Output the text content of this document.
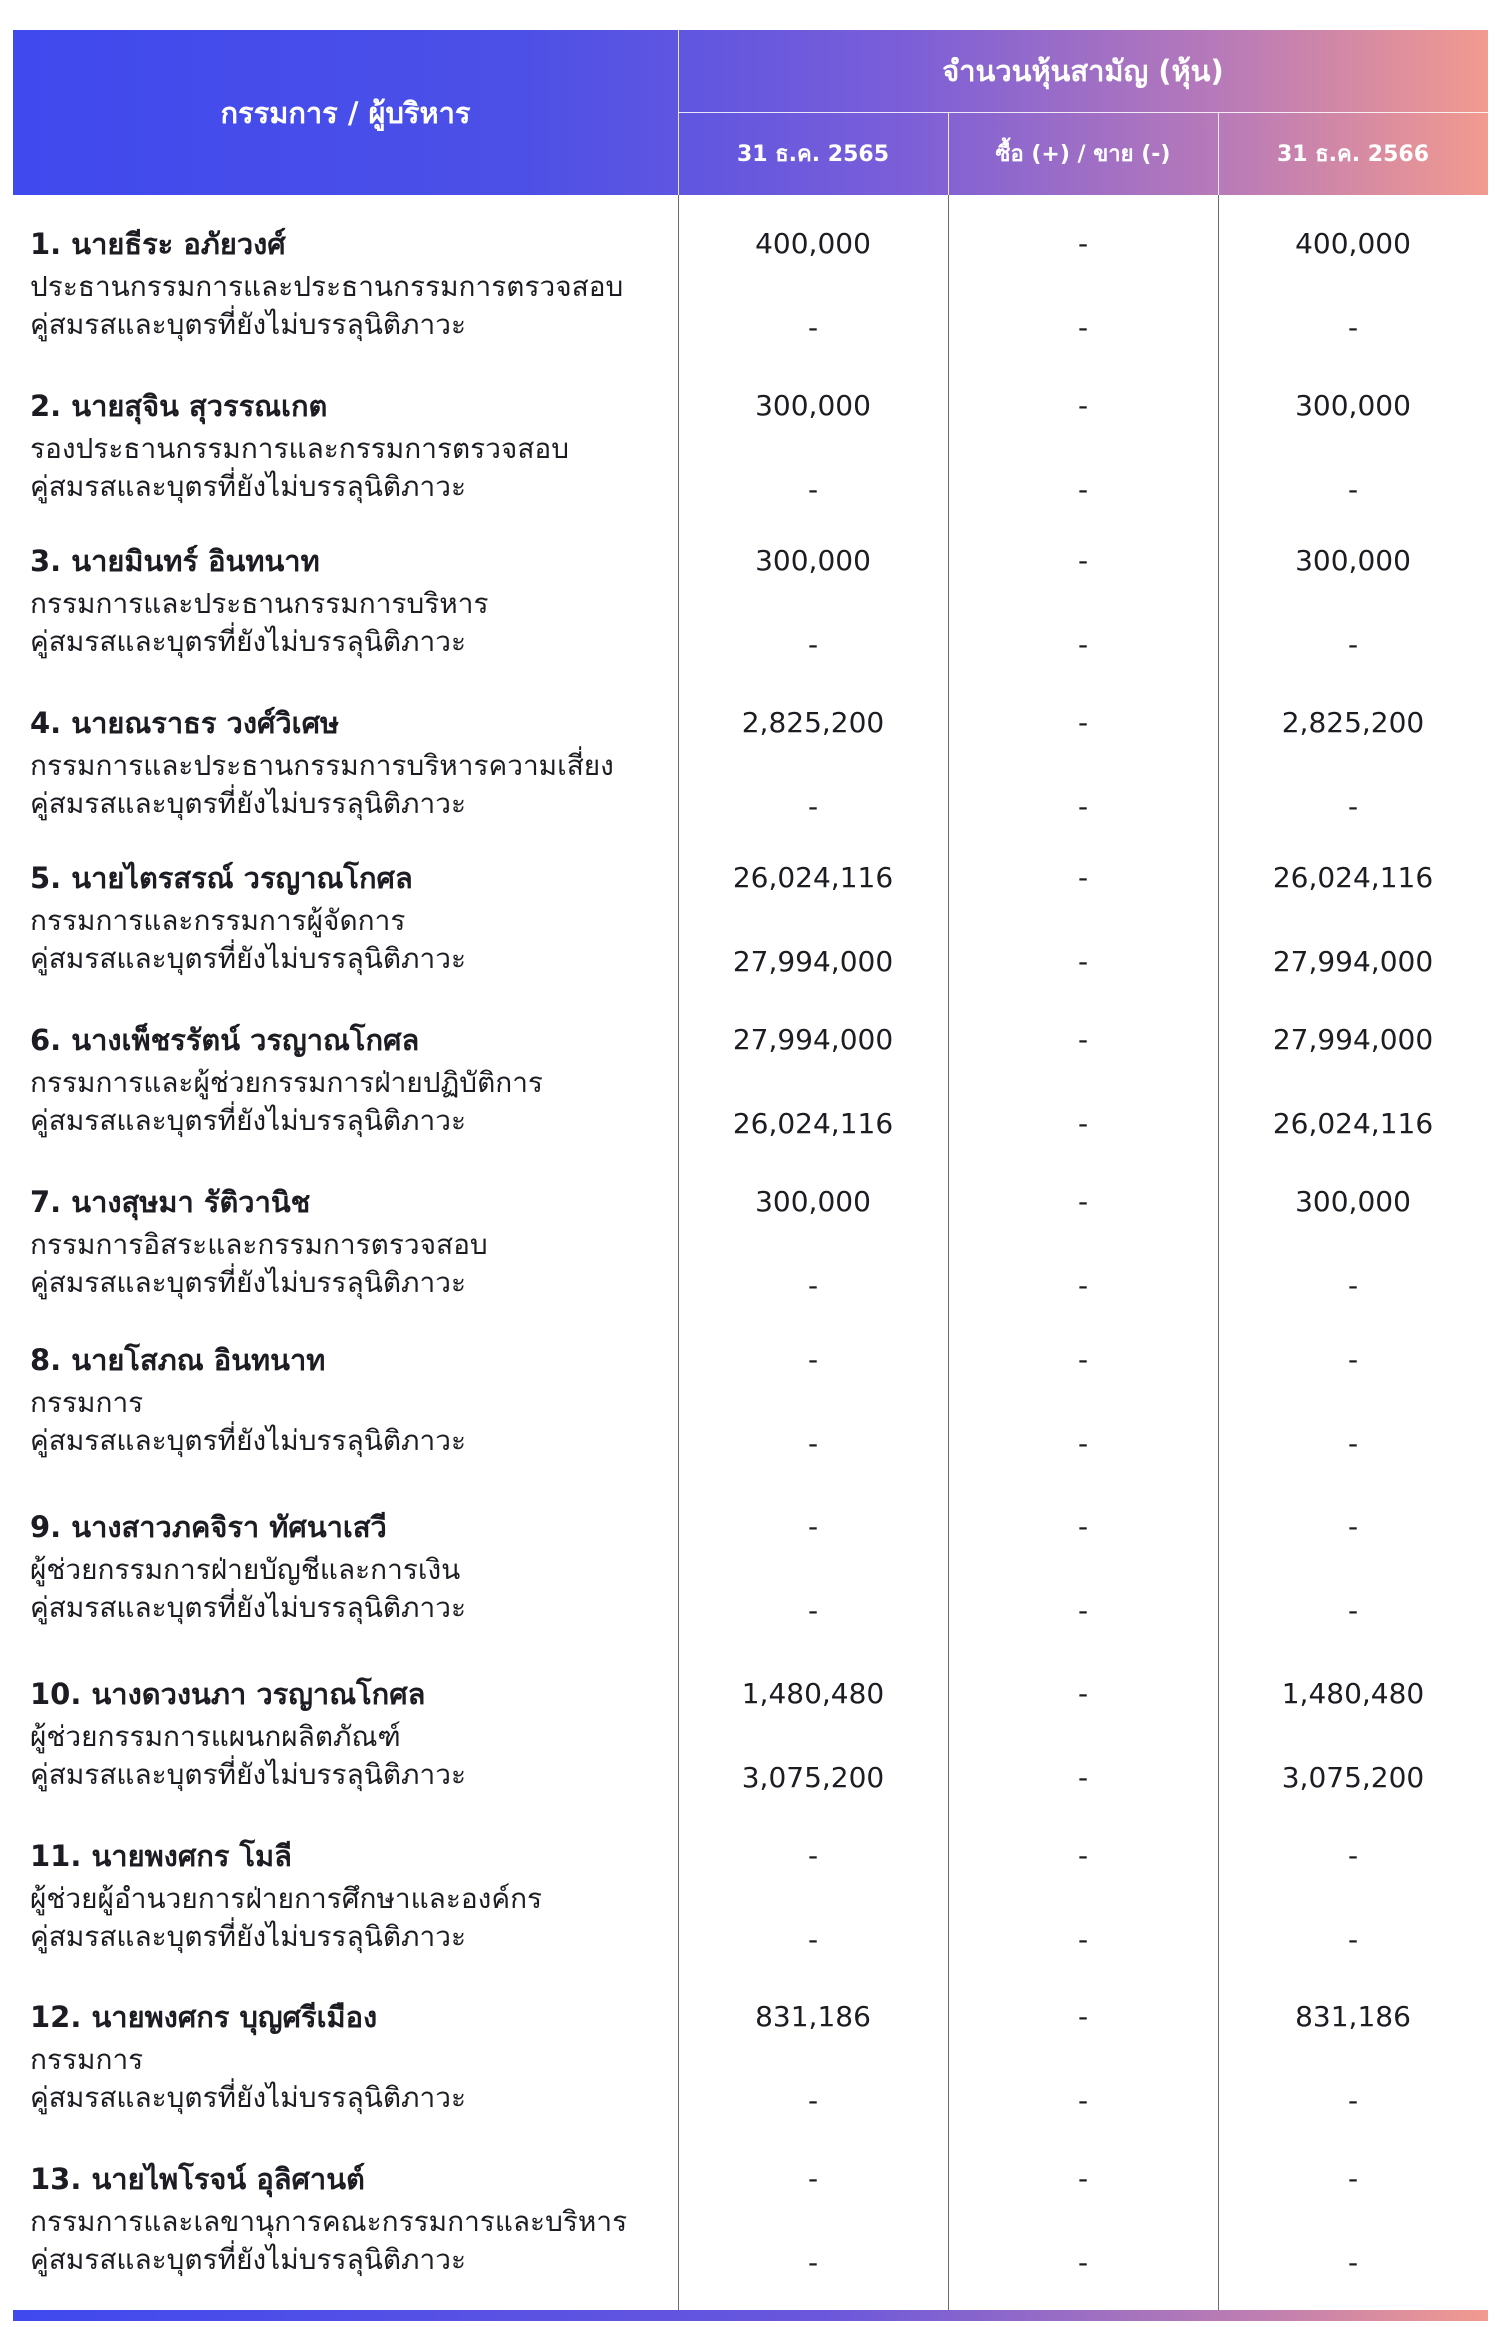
กรรมการ / ผู้บริหาร
จำนวนหุ้นสามัญ (หุ้น)
31 ธ.ค. 2565	ซื้อ (+) / ขาย (-)	31 ธ.ค. 2566
1. นายธีระ อภัยวงศ์
ประธานกรรมการและประธานกรรมการตรวจสอบ
คู่สมรสและบุตรที่ยังไม่บรรลุนิติภาวะ
400,000
-
-
-
400,000
-
2. นายสุจิน สุวรรณเกต
รองประธานกรรมการและกรรมการตรวจสอบ
คู่สมรสและบุตรที่ยังไม่บรรลุนิติภาวะ
300,000
-
-
-
300,000
-
3. นายมินทร์ อินทนาท
กรรมการและประธานกรรมการบริหาร
คู่สมรสและบุตรที่ยังไม่บรรลุนิติภาวะ
300,000
-
-
-
300,000
-
4. นายณราธร วงศ์วิเศษ
กรรมการและประธานกรรมการบริหารความเสี่ยง
คู่สมรสและบุตรที่ยังไม่บรรลุนิติภาวะ
2,825,200
-
-
-
2,825,200
-
5. นายไตรสรณ์ วรญาณโกศล
กรรมการและกรรมการผู้จัดการ
คู่สมรสและบุตรที่ยังไม่บรรลุนิติภาวะ
26,024,116
27,994,000
-
-
26,024,116
27,994,000
6. นางเพ็ชรรัตน์ วรญาณโกศล
กรรมการและผู้ช่วยกรรมการฝ่ายปฏิบัติการ
คู่สมรสและบุตรที่ยังไม่บรรลุนิติภาวะ
27,994,000
26,024,116
-
-
27,994,000
26,024,116
7. นางสุษมา รัติวานิช
กรรมการอิสระและกรรมการตรวจสอบ
คู่สมรสและบุตรที่ยังไม่บรรลุนิติภาวะ
300,000
-
-
-
300,000
-
8. นายโสภณ อินทนาท
กรรมการ
คู่สมรสและบุตรที่ยังไม่บรรลุนิติภาวะ
-
-
-
-
-
-
9. นางสาวภคจิรา ทัศนาเสวี
ผู้ช่วยกรรมการฝ่ายบัญชีและการเงิน
คู่สมรสและบุตรที่ยังไม่บรรลุนิติภาวะ
-
-
-
-
-
-
10. นางดวงนภา วรญาณโกศล
ผู้ช่วยกรรมการแผนกผลิตภัณฑ์
คู่สมรสและบุตรที่ยังไม่บรรลุนิติภาวะ
1,480,480
3,075,200
-
-
1,480,480
3,075,200
11. นายพงศกร โมลี
ผู้ช่วยผู้อำนวยการฝ่ายการศึกษาและองค์กร
คู่สมรสและบุตรที่ยังไม่บรรลุนิติภาวะ
-
-
-
-
-
-
12. นายพงศกร บุญศรีเมือง
กรรมการ
คู่สมรสและบุตรที่ยังไม่บรรลุนิติภาวะ
831,186
-
-
-
831,186
-
13. นายไพโรจน์ อุลิศานต์
กรรมการและเลขานุการคณะกรรมการและบริหาร
คู่สมรสและบุตรที่ยังไม่บรรลุนิติภาวะ
-
-
-
-
-
-
